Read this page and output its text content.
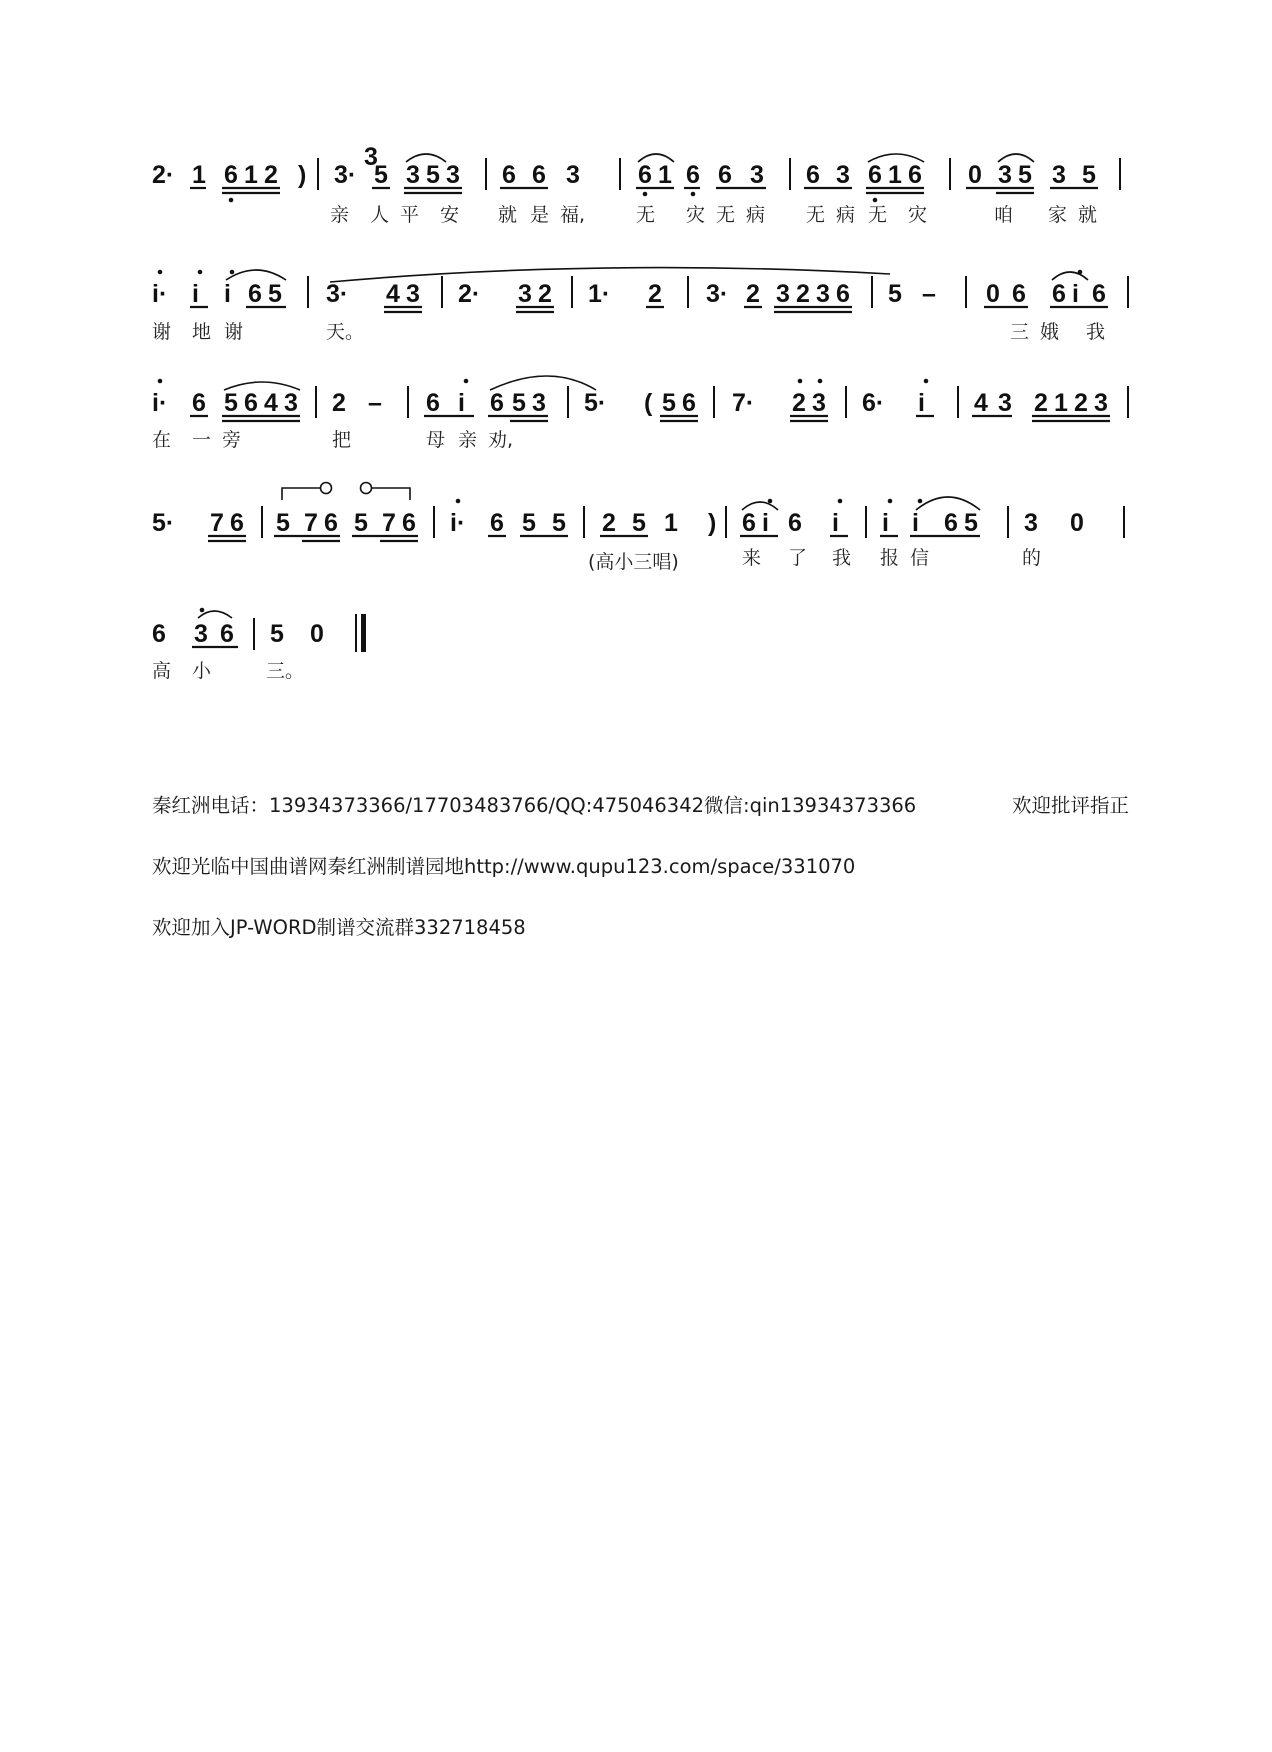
2· 1 6 1 2 ) 3·
3
5 3 5 3 6 6 3 6 1 6 6 3 6 3 6 1 6 0 3 5 3 5
亲 人 平 安 就 是 福,	无 灾 无 病 无 病 无 灾	咱 家 就
i· i i 6 5 3· 4 3 2· 3 2 1· 2 3· 2 3 2 3 6 5 – 0 6 6 i 6
谢 地 谢	天。	三 娥 我
i· 6 5 6 4 3 2 – 6 i 6 5 3 5· ( 5 6 7· 2 3 6· i 4 3 2 1 2 3
在 一 旁	把	母 亲 劝,
5· 7 6 5 7 6 5 7 6 i· 6 5 5 2 5 1 ) 6 i 6 i i i 6 5 3 0
(高小三唱)	来 了 我 报 信	的
6 3 6 5 0
高 小	三。
秦红洲电话：13934373366/17703483766/QQ:475046342微信:qin13934373366	欢迎批评指正
欢迎光临中国曲谱网秦红洲制谱园地http://www.qupu123.com/space/331070
欢迎加入JP-WORD制谱交流群332718458
